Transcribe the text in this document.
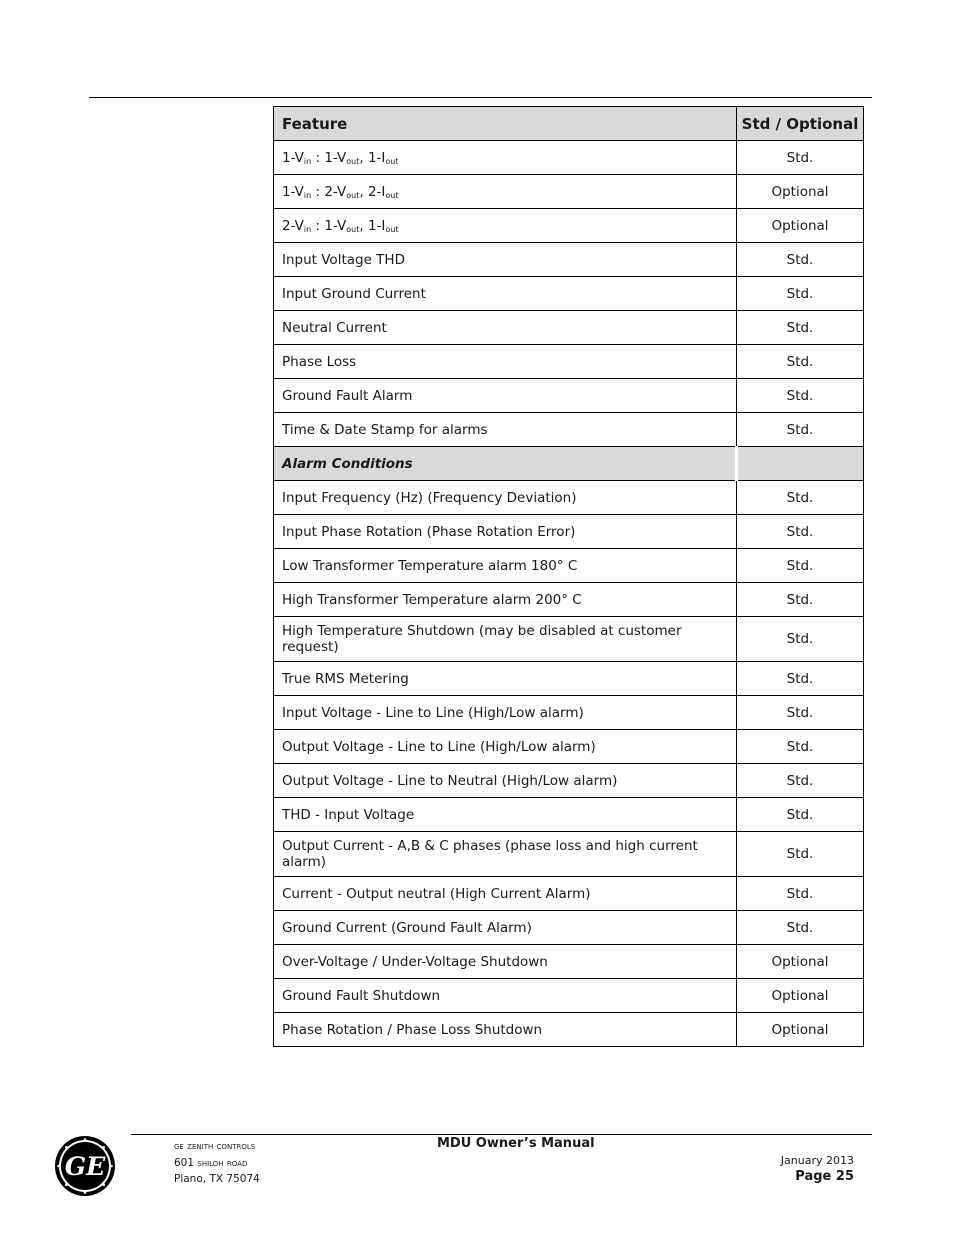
Feature	Std / Optional
$1-V_{in}$ : $1-V_{out}$, $1-I_{out}$	Std.
$1-V_{in}$ : $2-V_{out}$, $2-I_{out}$	Optional
$2-V_{in}$ : $1-V_{out}$, $1-I_{out}$	Optional
Input Voltage THD	Std.
Input Ground Current	Std.
Neutral Current	Std.
Phase Loss	Std.
Ground Fault Alarm	Std.
Time & Date Stamp for alarms	Std.
Alarm Conditions	
Input Frequency (Hz) (Frequency Deviation)	Std.
Input Phase Rotation (Phase Rotation Error)	Std.
Low Transformer Temperature alarm 180° C	Std.
High Transformer Temperature alarm 200° C	Std.
High Temperature Shutdown (may be disabled at customer request)	Std.
True RMS Metering	Std.
Input Voltage - Line to Line (High/Low alarm)	Std.
Output Voltage - Line to Line (High/Low alarm)	Std.
Output Voltage - Line to Neutral (High/Low alarm)	Std.
THD - Input Voltage	Std.
Output Current - A,B & C phases (phase loss and high current alarm)	Std.
Current - Output neutral (High Current Alarm)	Std.
Ground Current (Ground Fault Alarm)	Std.
Over-Voltage / Under-Voltage Shutdown	Optional
Ground Fault Shutdown	Optional
Phase Rotation / Phase Loss Shutdown	Optional
GE
ge zenith controls
601 shiloh road
Plano, TX 75074
MDU Owner’s Manual
January 2013
Page 25
